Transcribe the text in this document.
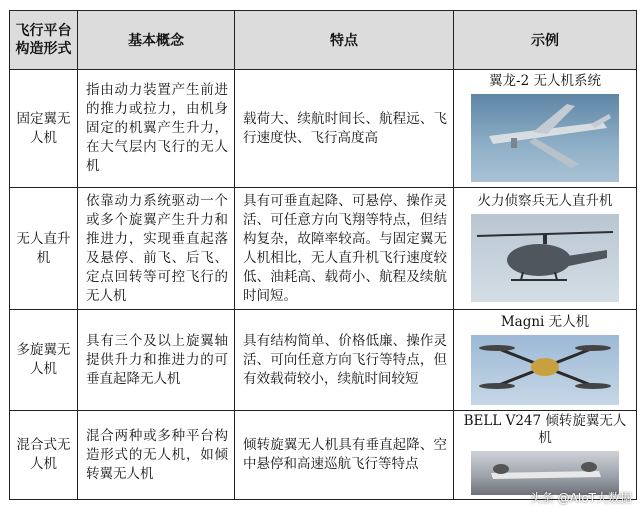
飞行平台构造形式	基本概念	特点	示例
固定翼无人机	指由动力装置产生前进的推力或拉力，由机身固定的机翼产生升力，在大气层内飞行的无人机	载荷大、续航时间长、航程远、飞行速度快、飞行高度高	翼龙-2 无人机系统

无人直升机	依靠动力系统驱动一个或多个旋翼产生升力和推进力，实现垂直起落及悬停、前飞、后飞、定点回转等可控飞行的无人机	具有可垂直起降、可悬停、操作灵活、可任意方向飞翔等特点，但结构复杂，故障率较高。与固定翼无人机相比，无人直升机飞行速度较低、油耗高、载荷小、航程及续航时间短。	火力侦察兵无人直升机

多旋翼无人机	具有三个及以上旋翼轴提供升力和推进力的可垂直起降无人机	具有结构简单、价格低廉、操作灵活、可向任意方向飞行等特点，但有效载荷较小，续航时间较短	Magni 无人机

混合式无人机	混合两种或多种平台构造形式的无人机，如倾转翼无人机	倾转旋翼无人机具有垂直起降、空中悬停和高速巡航飞行等特点	BELL V247 倾转旋翼无人机
头条 @AIoT大数据
